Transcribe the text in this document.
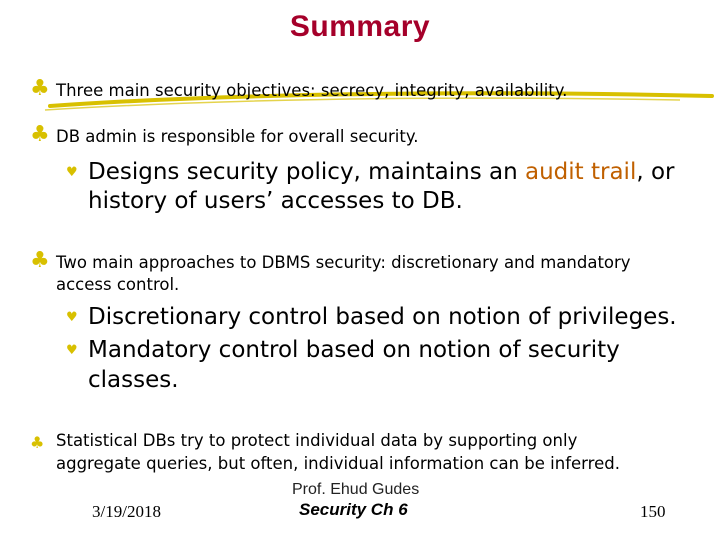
Summary
♣ Three main security objectives: secrecy, integrity, availability.
♣ DB admin is responsible for overall security.
♥ Designs security policy, maintains an audit trail, or
history of users’ accesses to DB.
♣ Two main approaches to DBMS security: discretionary and mandatory
access control.
♥ Discretionary control based on notion of privileges.
♥ Mandatory control based on notion of security
classes.
♣ Statistical DBs try to protect individual data by supporting only
aggregate queries, but often, individual information can be inferred.
3/19/2018
Prof. Ehud Gudes
Security Ch 6	150
